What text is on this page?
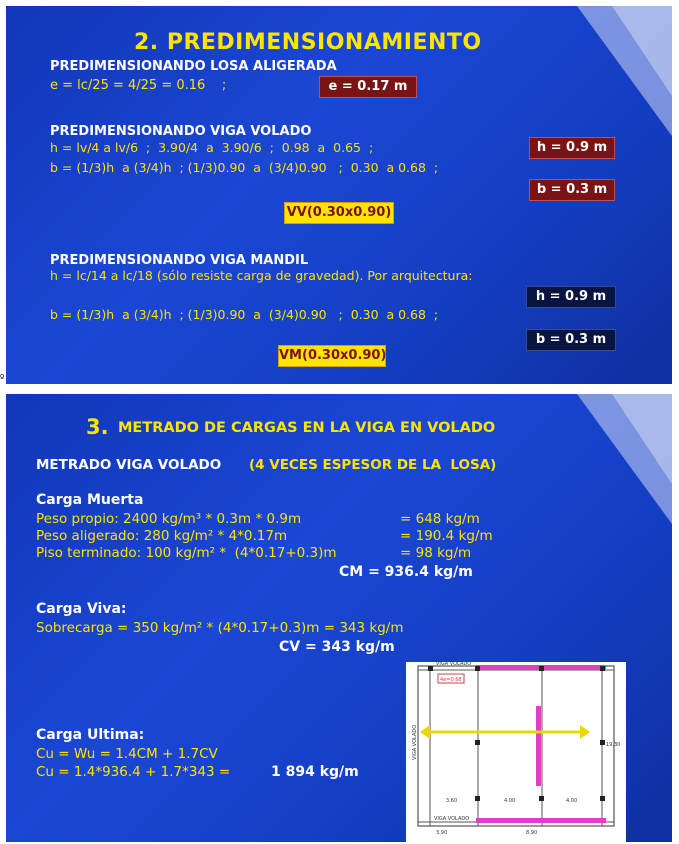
2. PREDIMENSIONAMIENTO
PREDIMENSIONANDO LOSA ALIGERADA
e = lc/25 = 4/25 = 0.16    ;	e = 0.17 m
PREDIMENSIONANDO VIGA VOLADO
h = lv/4 a lv/6  ;  3.90/4  a  3.90/6  ;  0.98  a  0.65  ;	h = 0.9 m
b = (1/3)h  a (3/4)h  ; (1/3)0.90  a  (3/4)0.90   ;  0.30  a 0.68  ;
b = 0.3 m
VV(0.30x0.90)
PREDIMENSIONANDO VIGA MANDIL
h = lc/14 a lc/18 (sólo resiste carga de gravedad). Por arquitectura:
h = 0.9 m
b = (1/3)h  a (3/4)h  ; (1/3)0.90  a  (3/4)0.90   ;  0.30  a 0.68  ;
b = 0.3 m
VM(0.30x0.90)
º
3. METRADO DE CARGAS EN LA VIGA EN VOLADO
METRADO VIGA VOLADO (4 VECES ESPESOR DE LA  LOSA)
Carga Muerta
Peso propio: 2400 kg/m³ * 0.3m * 0.9m	= 648 kg/m
Peso aligerado: 280 kg/m² * 4*0.17m	= 190.4 kg/m
Piso terminado: 100 kg/m² *  (4*0.17+0.3)m	= 98 kg/m
CM = 936.4 kg/m
Carga Viva:
Sobrecarga = 350 kg/m² * (4*0.17+0.3)m = 343 kg/m
CV = 343 kg/m
Carga Ultima:
Cu = Wu = 1.4CM + 1.7CV
Cu = 1.4*936.4 + 1.7*343 =	1 894 kg/m
VIGA VOLADO
4e=0.68
VIGA VOLADO	19.30
3.60	4.00	4.00
VIGA VOLADO
3.90	8.90
